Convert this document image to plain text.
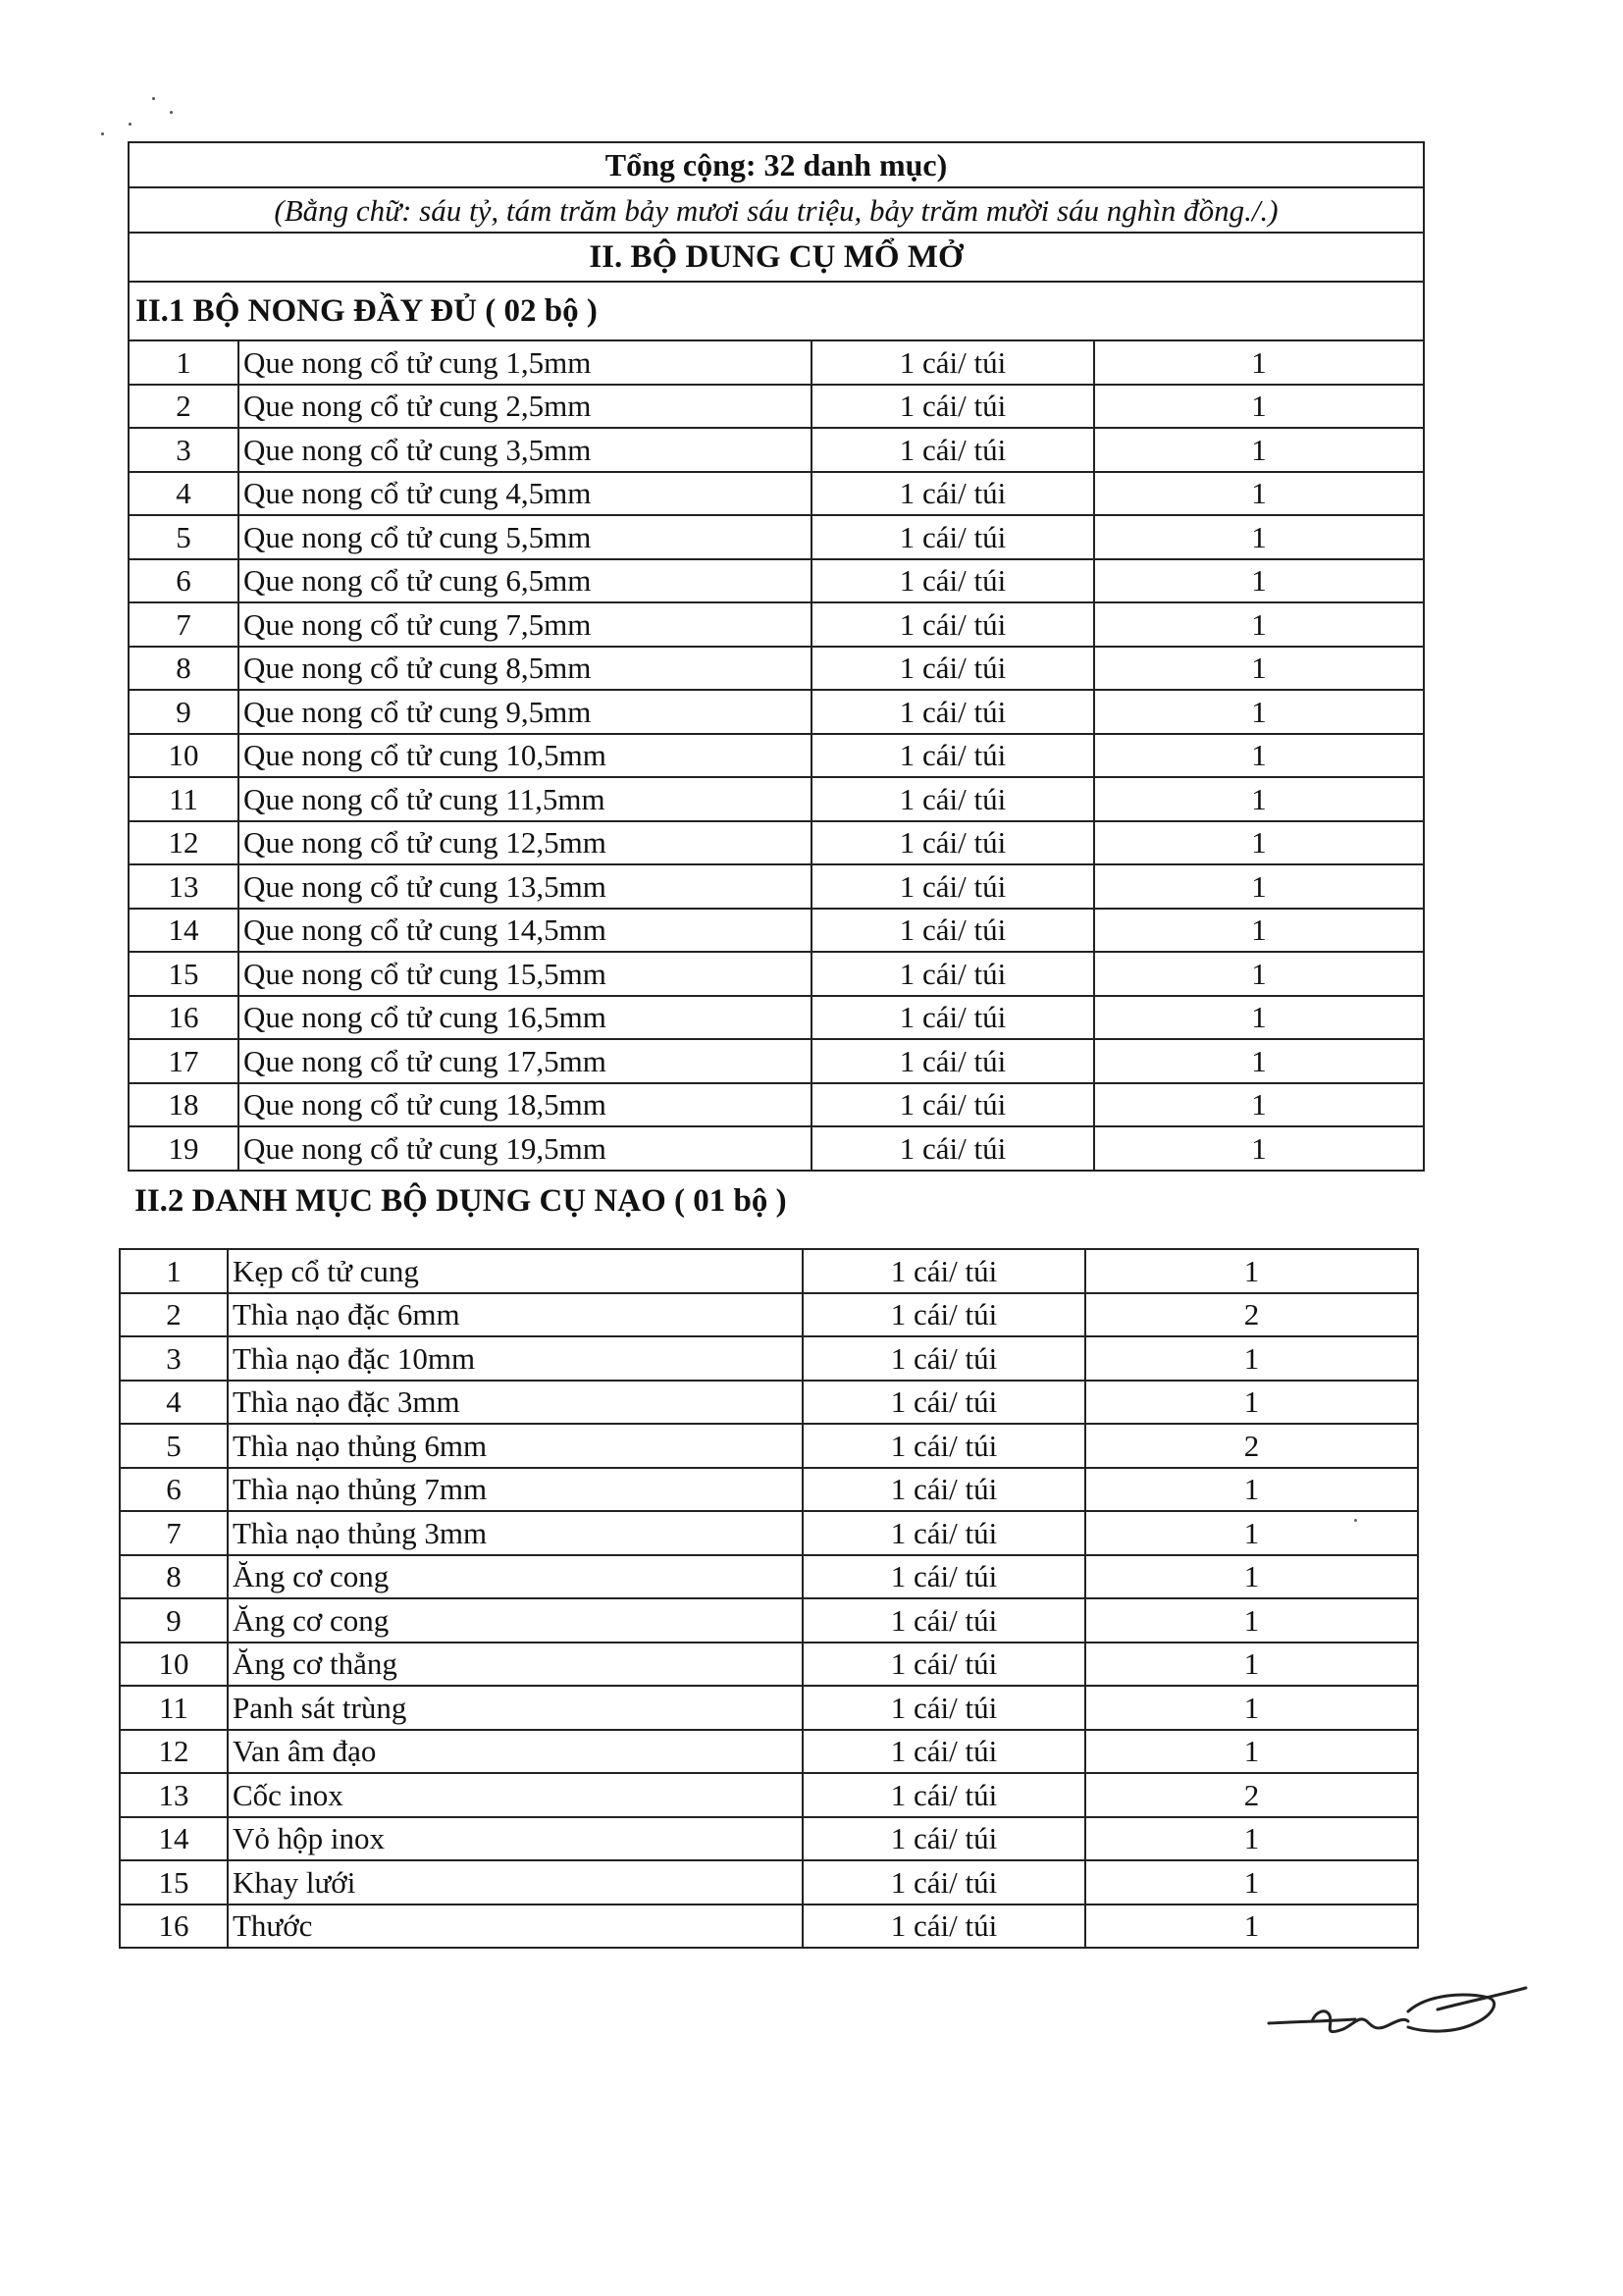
Tổng cộng: 32 danh mục)			
(Bằng chữ: sáu tỷ, tám trăm bảy mươi sáu triệu, bảy trăm mười sáu nghìn đồng./.)			
II. BỘ DUNG CỤ MỔ MỞ			
II.1 BỘ NONG ĐẦY ĐỦ ( 02 bộ )			
1	Que nong cổ tử cung 1,5mm	1 cái/ túi	1
2	Que nong cổ tử cung 2,5mm	1 cái/ túi	1
3	Que nong cổ tử cung 3,5mm	1 cái/ túi	1
4	Que nong cổ tử cung 4,5mm	1 cái/ túi	1
5	Que nong cổ tử cung 5,5mm	1 cái/ túi	1
6	Que nong cổ tử cung 6,5mm	1 cái/ túi	1
7	Que nong cổ tử cung 7,5mm	1 cái/ túi	1
8	Que nong cổ tử cung 8,5mm	1 cái/ túi	1
9	Que nong cổ tử cung 9,5mm	1 cái/ túi	1
10	Que nong cổ tử cung 10,5mm	1 cái/ túi	1
11	Que nong cổ tử cung 11,5mm	1 cái/ túi	1
12	Que nong cổ tử cung 12,5mm	1 cái/ túi	1
13	Que nong cổ tử cung 13,5mm	1 cái/ túi	1
14	Que nong cổ tử cung 14,5mm	1 cái/ túi	1
15	Que nong cổ tử cung 15,5mm	1 cái/ túi	1
16	Que nong cổ tử cung 16,5mm	1 cái/ túi	1
17	Que nong cổ tử cung 17,5mm	1 cái/ túi	1
18	Que nong cổ tử cung 18,5mm	1 cái/ túi	1
19	Que nong cổ tử cung 19,5mm	1 cái/ túi	1
II.2 DANH MỤC BỘ DỤNG CỤ NẠO ( 01 bộ )
1	Kẹp cổ tử cung	1 cái/ túi	1
2	Thìa nạo đặc 6mm	1 cái/ túi	2
3	Thìa nạo đặc 10mm	1 cái/ túi	1
4	Thìa nạo đặc 3mm	1 cái/ túi	1
5	Thìa nạo thủng 6mm	1 cái/ túi	2
6	Thìa nạo thủng 7mm	1 cái/ túi	1
7	Thìa nạo thủng 3mm	1 cái/ túi	1
8	Ăng cơ cong	1 cái/ túi	1
9	Ăng cơ cong	1 cái/ túi	1
10	Ăng cơ thẳng	1 cái/ túi	1
11	Panh sát trùng	1 cái/ túi	1
12	Van âm đạo	1 cái/ túi	1
13	Cốc inox	1 cái/ túi	2
14	Vỏ hộp inox	1 cái/ túi	1
15	Khay lưới	1 cái/ túi	1
16	Thước	1 cái/ túi	1
